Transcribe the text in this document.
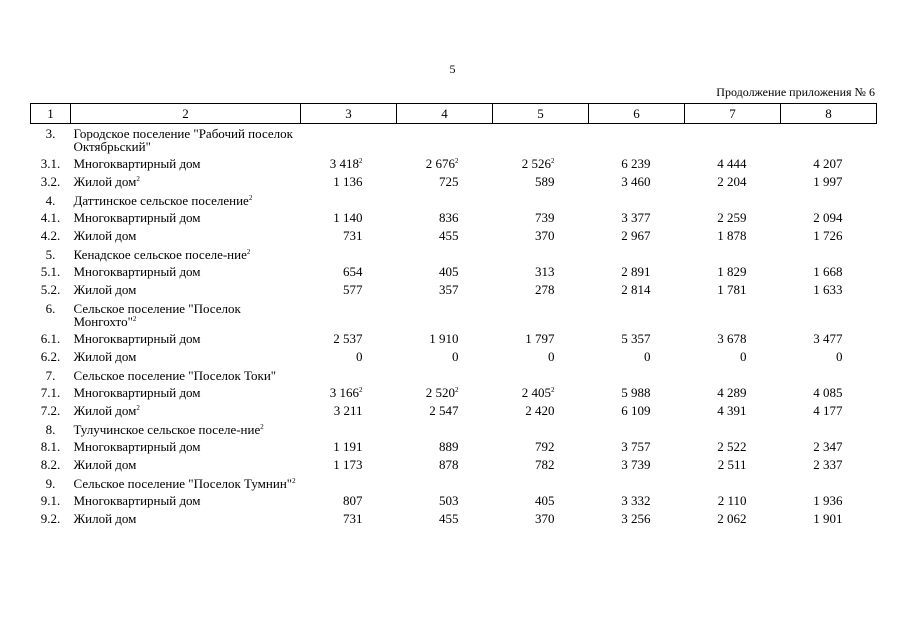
5
Продолжение приложения № 6
1	2	3	4	5	6	7	8
3.	Городское поселение "Рабочий поселок Октябрьский"						
3.1.	Многоквартирный дом	3 $418^2$	2 $676^2$	2 $526^2$	6 239	4 444	4 207
3.2.	Жилой дом$^2$	1 136	725	589	3 460	2 204	1 997
4.	Даттинское сельское поселение$^2$						
4.1.	Многоквартирный дом	1 140	836	739	3 377	2 259	2 094
4.2.	Жилой дом	731	455	370	2 967	1 878	1 726
5.	Кенадское сельское поселе-ние$^2$						
5.1.	Многоквартирный дом	654	405	313	2 891	1 829	1 668
5.2.	Жилой дом	577	357	278	2 814	1 781	1 633
6.	Сельское поселение "Поселок Монгохто"$^2$						
6.1.	Многоквартирный дом	2 537	1 910	1 797	5 357	3 678	3 477
6.2.	Жилой дом	0	0	0	0	0	0
7.	Сельское поселение "Поселок Токи"						
7.1.	Многоквартирный дом	3 $166^2$	2 $520^2$	2 $405^2$	5 988	4 289	4 085
7.2.	Жилой дом$^2$	3 211	2 547	2 420	6 109	4 391	4 177
8.	Тулучинское сельское поселе-ние$^2$						
8.1.	Многоквартирный дом	1 191	889	792	3 757	2 522	2 347
8.2.	Жилой дом	1 173	878	782	3 739	2 511	2 337
9.	Сельское поселение "Поселок Тумнин"$^2$						
9.1.	Многоквартирный дом	807	503	405	3 332	2 110	1 936
9.2.	Жилой дом	731	455	370	3 256	2 062	1 901
